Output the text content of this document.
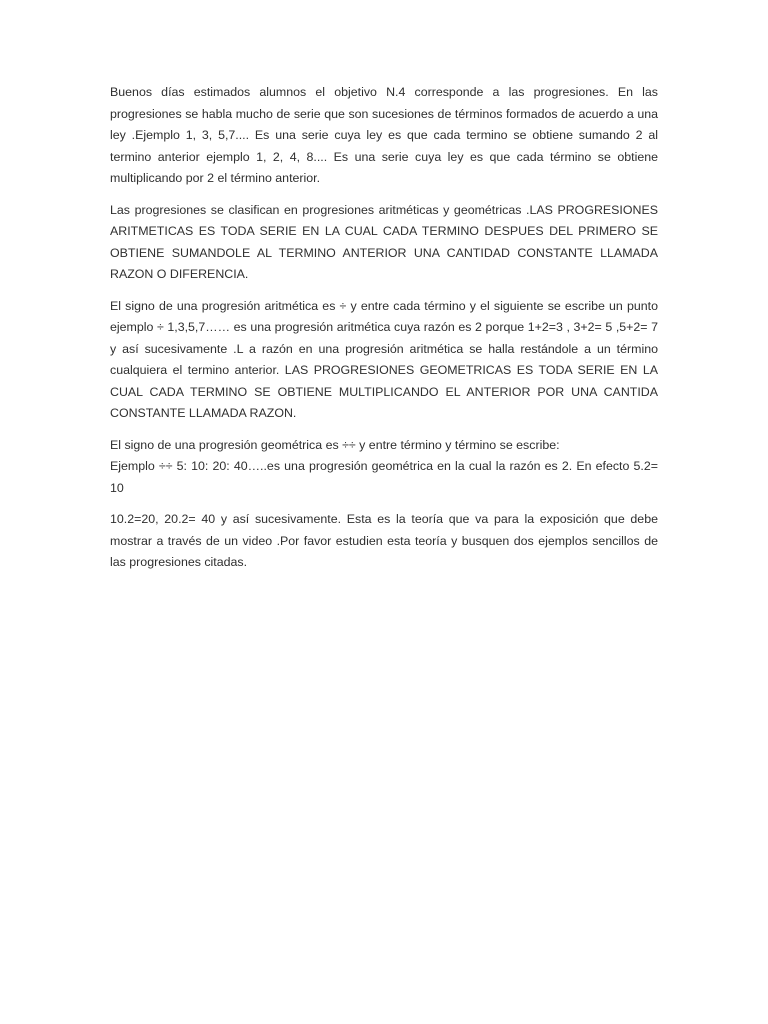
Buenos días estimados alumnos el objetivo N.4 corresponde a las progresiones. En las progresiones se habla mucho de serie que son sucesiones de términos formados de acuerdo a una ley .Ejemplo 1, 3, 5,7.... Es una serie cuya ley es que cada termino se obtiene sumando 2 al termino anterior ejemplo 1, 2, 4, 8.... Es una serie cuya ley es que cada término se obtiene multiplicando por 2 el término anterior.

Las progresiones se clasifican en progresiones aritméticas y geométricas .LAS PROGRESIONES ARITMETICAS ES TODA SERIE EN LA CUAL CADA TERMINO DESPUES DEL PRIMERO SE OBTIENE SUMANDOLE AL TERMINO ANTERIOR UNA CANTIDAD CONSTANTE LLAMADA RAZON O DIFERENCIA.

El signo de una progresión aritmética es ÷ y entre cada término y el siguiente se escribe un punto ejemplo ÷ 1,3,5,7…… es una progresión aritmética cuya razón es 2 porque 1+2=3 , 3+2= 5 ,5+2= 7 y así sucesivamente .L a razón en una progresión aritmética se halla restándole a un término cualquiera el termino anterior. LAS PROGRESIONES GEOMETRICAS ES TODA SERIE EN LA CUAL CADA TERMINO SE OBTIENE MULTIPLICANDO EL ANTERIOR POR UNA CANTIDA CONSTANTE LLAMADA RAZON.

El signo de una progresión geométrica es ÷÷ y entre término y término se escribe:

Ejemplo ÷÷ 5: 10: 20: 40…..es una progresión geométrica en la cual la razón es 2. En efecto 5.2= 10

10.2=20, 20.2= 40 y así sucesivamente. Esta es la teoría que va para la exposición que debe mostrar a través de un video .Por favor estudien esta teoría y busquen dos ejemplos sencillos de las progresiones citadas.
